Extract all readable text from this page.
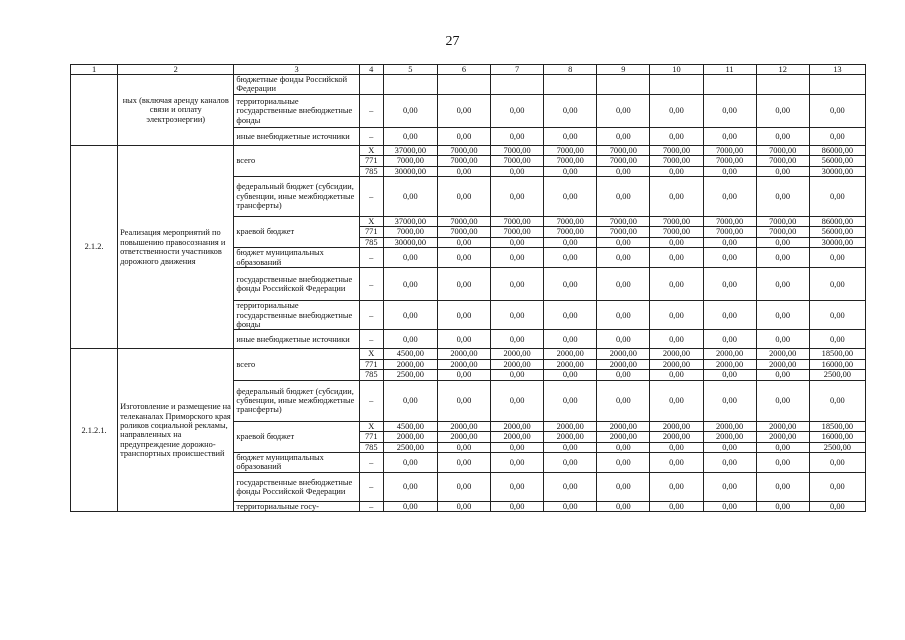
27
1	2	3	4	5	6	7	8	9	10	11	12	13
	ных (включая аренду каналов связи и оплату электроэнергии)	бюджетные фонды Российской Федерации										
		территориальные государственные внебюджетные фонды	–	0,00	0,00	0,00	0,00	0,00	0,00	0,00	0,00	0,00
		иные внебюджетные источники	–	0,00	0,00	0,00	0,00	0,00	0,00	0,00	0,00	0,00
2.1.2.	Реализация мероприятий по повышению правосознания и ответственности участников дорожного движения	всего	Х	37000,00	7000,00	7000,00	7000,00	7000,00	7000,00	7000,00	7000,00	86000,00
			771	7000,00	7000,00	7000,00	7000,00	7000,00	7000,00	7000,00	7000,00	56000,00
			785	30000,00	0,00	0,00	0,00	0,00	0,00	0,00	0,00	30000,00
		федеральный бюджет (субсидии, субвенции, иные межбюджетные трансферты)	–	0,00	0,00	0,00	0,00	0,00	0,00	0,00	0,00	0,00
		краевой бюджет	Х	37000,00	7000,00	7000,00	7000,00	7000,00	7000,00	7000,00	7000,00	86000,00
			771	7000,00	7000,00	7000,00	7000,00	7000,00	7000,00	7000,00	7000,00	56000,00
			785	30000,00	0,00	0,00	0,00	0,00	0,00	0,00	0,00	30000,00
		бюджет муниципальных образований	–	0,00	0,00	0,00	0,00	0,00	0,00	0,00	0,00	0,00
		государственные внебюджетные фонды Российской Федерации	–	0,00	0,00	0,00	0,00	0,00	0,00	0,00	0,00	0,00
		территориальные государственные внебюджетные фонды	–	0,00	0,00	0,00	0,00	0,00	0,00	0,00	0,00	0,00
		иные внебюджетные источники	–	0,00	0,00	0,00	0,00	0,00	0,00	0,00	0,00	0,00
2.1.2.1.	Изготовление и размещение на телеканалах Приморского края роликов социальной рекламы, направленных на предупреждение дорожно-транспортных происшествий	всего	Х	4500,00	2000,00	2000,00	2000,00	2000,00	2000,00	2000,00	2000,00	18500,00
			771	2000,00	2000,00	2000,00	2000,00	2000,00	2000,00	2000,00	2000,00	16000,00
			785	2500,00	0,00	0,00	0,00	0,00	0,00	0,00	0,00	2500,00
		федеральный бюджет (субсидии, субвенции, иные межбюджетные трансферты)	–	0,00	0,00	0,00	0,00	0,00	0,00	0,00	0,00	0,00
		краевой бюджет	Х	4500,00	2000,00	2000,00	2000,00	2000,00	2000,00	2000,00	2000,00	18500,00
			771	2000,00	2000,00	2000,00	2000,00	2000,00	2000,00	2000,00	2000,00	16000,00
			785	2500,00	0,00	0,00	0,00	0,00	0,00	0,00	0,00	2500,00
		бюджет муниципальных образований	–	0,00	0,00	0,00	0,00	0,00	0,00	0,00	0,00	0,00
		государственные внебюджетные фонды Российской Федерации	–	0,00	0,00	0,00	0,00	0,00	0,00	0,00	0,00	0,00
		территориальные госу-	–	0,00	0,00	0,00	0,00	0,00	0,00	0,00	0,00	0,00
